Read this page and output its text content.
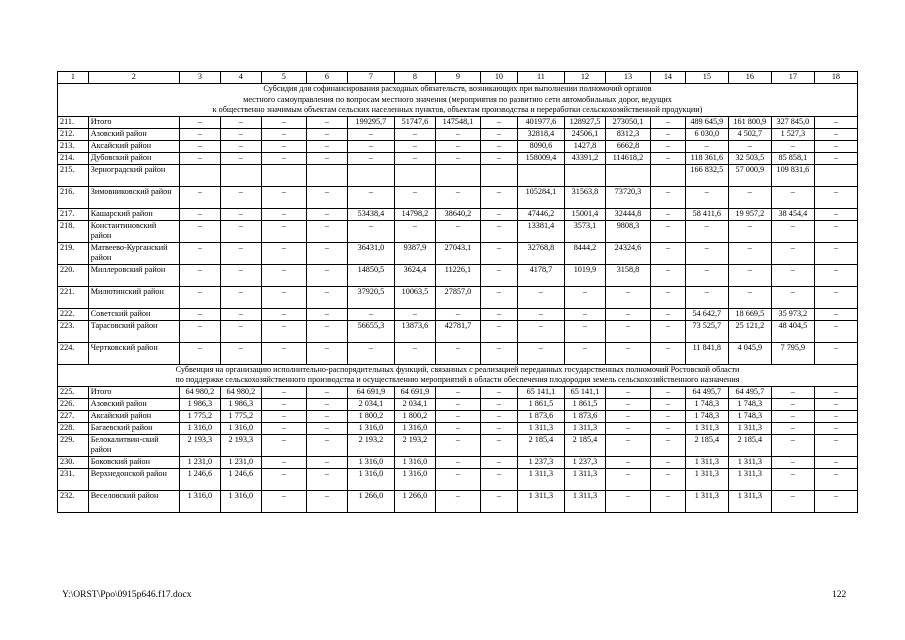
1	2	3	4	5	6	7	8	9	10	11	12	13	14	15	16	17	18

Субсидия для софинансирования расходных обязательств, возникающих при выполнении полномочий органов
местного самоуправления по вопросам местного значения (мероприятия по развитию сети автомобильных дорог, ведущих
к общественно значимым объектам сельских населенных пунктов, объектам производства и переработки сельскохозяйственной продукции)																	

211.	Итого	–	–	–	–	199295,7	51747,6	147548,1	–	401977,6	128927,5	273050,1	–	489 645,9	161 800,9	327 845,0	–
212.	Азовский район	–	–	–	–	–	–	–	–	32818,4	24506,1	8312,3	–	6 030,0	4 502,7	1 527,3	–
213.	Аксайский район	–	–	–	–	–	–	–	–	8090,6	1427,8	6662,8	–	–	–	–	–
214.	Дубовский район	–	–	–	–	–	–	–	–	158009,4	43391,2	114618,2	–	118 361,6	32 503,5	85 858,1	–
215.	Зерноградский район													166 832,5	57 000,9	109 831,6	
216.	Зимовниковский район	–	–	–	–	–	–	–	–	105284,1	31563,8	73720,3	–	–	–	–	–
217.	Кашарский район	–	–	–	–	53438,4	14798,2	38640,2	–	47446,2	15001,4	32444,8	–	58 411,6	19 957,2	38 454,4	–
218.	Константиновский район	–	–	–	–	–	–	–	–	13381,4	3573,1	9808,3	–	–	–	–	–
219.	Матвеево-Курганский район	–	–	–	–	36431,0	9387,9	27043,1	–	32768,8	8444,2	24324,6	–	–	–	–	–
220.	Миллеровский район	–	–	–	–	14850,5	3624,4	11226,1	–	4178,7	1019,9	3158,8	–	–	–	–	–
221.	Милютинский район	–	–	–	–	37920,5	10063,5	27857,0	–	–	–	–	–	–	–	–	–
222.	Советский район	–	–	–	–	–	–	–	–	–	–	–	–	54 642,7	18 669,5	35 973,2	–
223.	Тарасовский район	–	–	–	–	56655,3	13873,6	42781,7	–	–	–	–	–	73 525,7	25 121,2	48 404,5	–
224.	Чертковский район	–	–	–	–	–	–	–	–	–	–	–	–	11 841,8	4 045,9	7 795,9	–

Субвенция на организацию исполнительно-распорядительных функций, связанных с реализацией переданных государственных полномочий Ростовской области
по поддержке сельскохозяйственного производства и осуществлению мероприятий в области обеспечения плодородия земель сельскохозяйственного назначения																	

225.	Итого	64 980,2	64 980,2	–	–	64 691,9	64 691,9	–	–	65 141,1	65 141,1	–	–	64 495,7	64 495,7	–	–
226.	Азовский район	1 986,3	1 986,3	–	–	2 034,1	2 034,1	–	–	1 861,5	1 861,5	–	–	1 748,3	1 748,3	–	–
227.	Аксайский район	1 775,2	1 775,2	–	–	1 800,2	1 800,2	–	–	1 873,6	1 873,6	–	–	1 748,3	1 748,3	–	–
228.	Багаевский район	1 316,0	1 316,0	–	–	1 316,0	1 316,0	–	–	1 311,3	1 311,3	–	–	1 311,3	1 311,3	–	–
229.	Белокалитвин-ский район	2 193,3	2 193,3	–	–	2 193,2	2 193,2	–	–	2 185,4	2 185,4	–	–	2 185,4	2 185,4	–	–
230.	Боковский район	1 231,0	1 231,0	–	–	1 316,0	1 316,0	–	–	1 237,3	1 237,3	–	–	1 311,3	1 311,3	–	–
231.	Верхнедонской район	1 246,6	1 246,6	–	–	1 316,0	1 316,0	–	–	1 311,3	1 311,3	–	–	1 311,3	1 311,3	–	–
232.	Веселовский район	1 316,0	1 316,0	–	–	1 266,0	1 266,0	–	–	1 311,3	1 311,3	–	–	1 311,3	1 311,3	–	–
Y:\ORST\Ppo\0915p646.f17.docx	122
